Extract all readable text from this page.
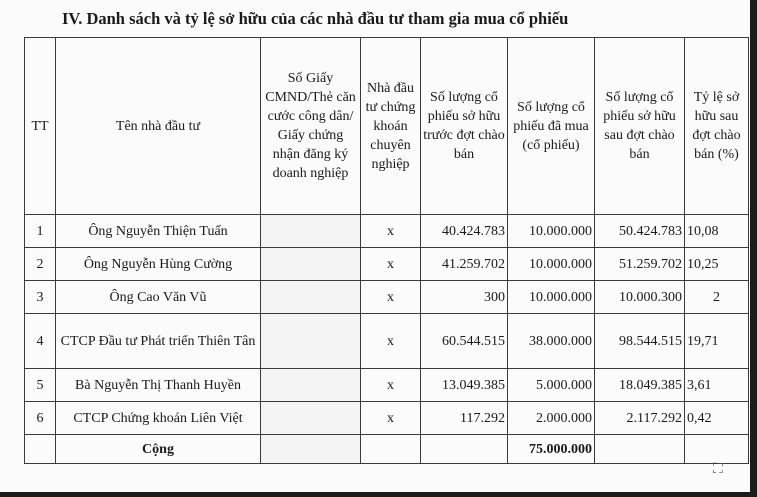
IV. Danh sách và tỷ lệ sở hữu của các nhà đầu tư tham gia mua cổ phiếu
TT	Tên nhà đầu tư	Số Giấy CMND/Thẻ căn cước công dân/ Giấy chứng nhận đăng ký doanh nghiệp	Nhà đầu tư chứng khoán chuyên nghiệp	Số lượng cổ phiếu sở hữu trước đợt chào bán	Số lượng cổ phiếu đã mua (cổ phiếu)	Số lượng cổ phiếu sở hữu sau đợt chào bán	Tỷ lệ sở hữu sau đợt chào bán (%)
1	Ông Nguyễn Thiện Tuấn		x	40.424.783	10.000.000	50.424.783	10,08
2	Ông Nguyễn Hùng Cường		x	41.259.702	10.000.000	51.259.702	10,25
3	Ông Cao Văn Vũ		x	300	10.000.000	10.000.300	2
4	CTCP Đầu tư Phát triển Thiên Tân		x	60.544.515	38.000.000	98.544.515	19,71
5	Bà Nguyễn Thị Thanh Huyền		x	13.049.385	5.000.000	18.049.385	3,61
6	CTCP Chứng khoán Liên Việt		x	117.292	2.000.000	2.117.292	0,42
	Cộng				75.000.000		
⛶
